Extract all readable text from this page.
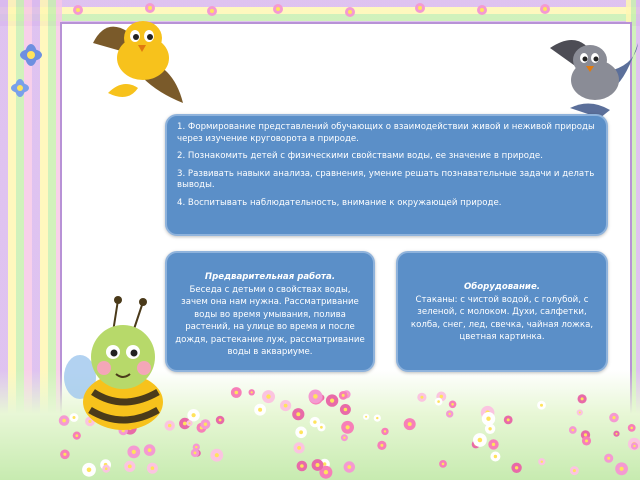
1. Формирование представлений обучающих о взаимодействии живой и неживой природы через изучение круговорота в природе.

2. Познакомить детей с физическими свойствами воды, ее значение в природе.

3. Развивать навыки анализа, сравнения, умение решать познавательные задачи и делать выводы.

4. Воспитывать наблюдательность, внимание к окружающей природе.

Предварительная работа.
Беседа с детьми о свойствах воды, зачем она нам нужна. Рассматривание воды во время умывания, полива растений, на улице во время и после дождя, растекание луж, рассматривание воды в аквариуме.
Оборудование.
Стаканы: с чистой водой, с голубой, с зеленой, с молоком. Духи, салфетки, колба, снег, лед, свечка, чайная ложка, цветная картинка.
